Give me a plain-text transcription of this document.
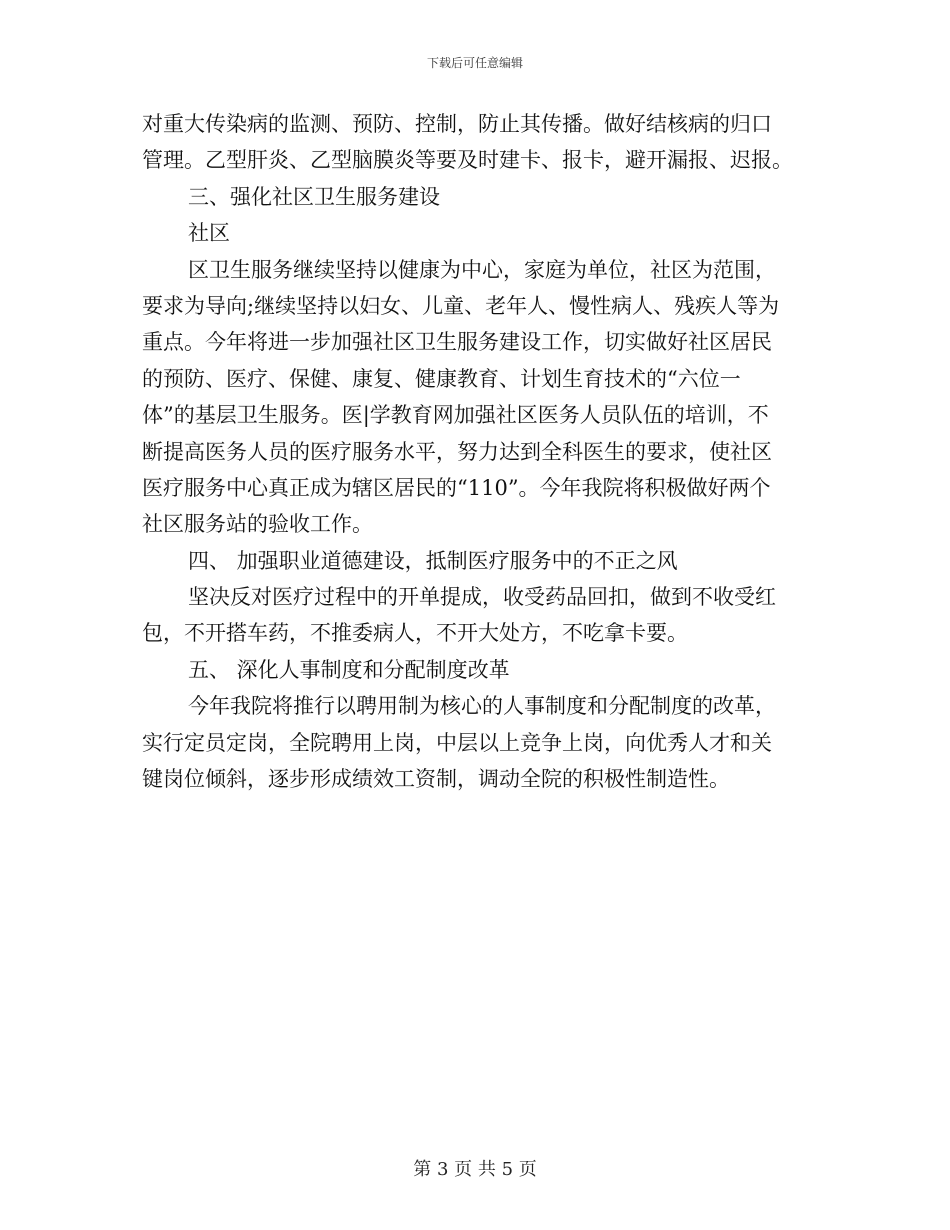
下载后可任意编辑
对重大传染病的监测、预防、控制，防止其传播。做好结核病的归口
管理。乙型肝炎、乙型脑膜炎等要及时建卡、报卡，避开漏报、迟报。
三、强化社区卫生服务建设
社区
区卫生服务继续坚持以健康为中心，家庭为单位，社区为范围，
要求为导向;继续坚持以妇女、儿童、老年人、慢性病人、残疾人等为
重点。今年将进一步加强社区卫生服务建设工作，切实做好社区居民
的预防、医疗、保健、康复、健康教育、计划生育技术的“六位一
体”的基层卫生服务。医|学教育网加强社区医务人员队伍的培训，不
断提高医务人员的医疗服务水平，努力达到全科医生的要求，使社区
医疗服务中心真正成为辖区居民的“110”。今年我院将积极做好两个
社区服务站的验收工作。
四、 加强职业道德建设，抵制医疗服务中的不正之风
坚决反对医疗过程中的开单提成，收受药品回扣，做到不收受红
包，不开搭车药，不推委病人，不开大处方，不吃拿卡要。
五、 深化人事制度和分配制度改革
今年我院将推行以聘用制为核心的人事制度和分配制度的改革，
实行定员定岗，全院聘用上岗，中层以上竞争上岗，向优秀人才和关
键岗位倾斜，逐步形成绩效工资制，调动全院的积极性制造性。
第 3 页 共 5 页
